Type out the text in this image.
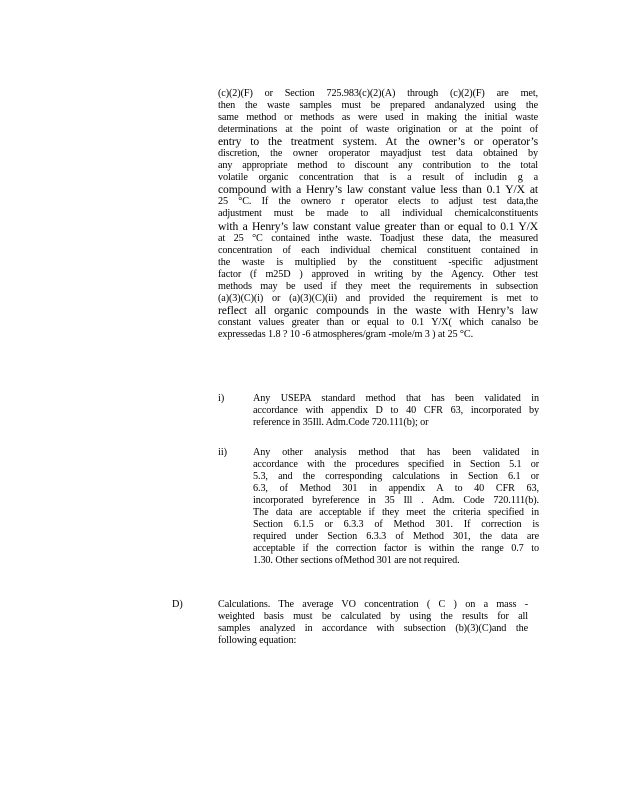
(c)(2)(F) or Section 725.983(c)(2)(A) through (c)(2)(F) are met,
then the waste samples must be prepared andanalyzed using the
same method or methods as were used in making the initial waste
determinations at the point of waste origination or at the point of
entry to the treatment system. At the owner’s or operator’s
discretion, the owner oroperator mayadjust test data obtained by
any appropriate method to discount any contribution to the total
volatile organic concentration that is a result of includin g a
compound with a Henry’s law constant value less than 0.1 Y/X at
25 °C. If the ownero r operator elects to adjust test data,the
adjustment must be made to all individual chemicalconstituents
with a Henry’s law constant value greater than or equal to 0.1 Y/X
at 25 °C contained inthe waste. Toadjust these data, the measured
concentration of each individual chemical constituent contained in
the waste is multiplied by the constituent -specific adjustment
factor (f m25D ) approved in writing by the Agency. Other test
methods may be used if they meet the requirements in subsection
(a)(3)(C)(i) or (a)(3)(C)(ii) and provided the requirement is met to
reflect all organic compounds in the waste with Henry’s law
constant values greater than or equal to 0.1 Y/X( which canalso be
expressedas 1.8 ? 10 -6 atmospheres/gram -mole/m 3 ) at 25 °C.
i)	Any USEPA standard method that has been validated in
accordance with appendix D to 40 CFR 63, incorporated by
reference in 35Ill. Adm.Code 720.111(b); or
ii)	Any other analysis method that has been validated in
accordance with the procedures specified in Section 5.1 or
5.3, and the corresponding calculations in Section 6.1 or
6.3, of Method 301 in appendix A to 40 CFR 63,
incorporated byreference in 35 Ill . Adm. Code 720.111(b).
The data are acceptable if they meet the criteria specified in
Section 6.1.5 or 6.3.3 of Method 301. If correction is
required under Section 6.3.3 of Method 301, the data are
acceptable if the correction factor is within the range 0.7 to
1.30. Other sections ofMethod 301 are not required.
D)	Calculations. The average VO concentration ( C ) on a mass -
weighted basis must be calculated by using the results for all
samples analyzed in accordance with subsection (b)(3)(C)and the
following equation:
